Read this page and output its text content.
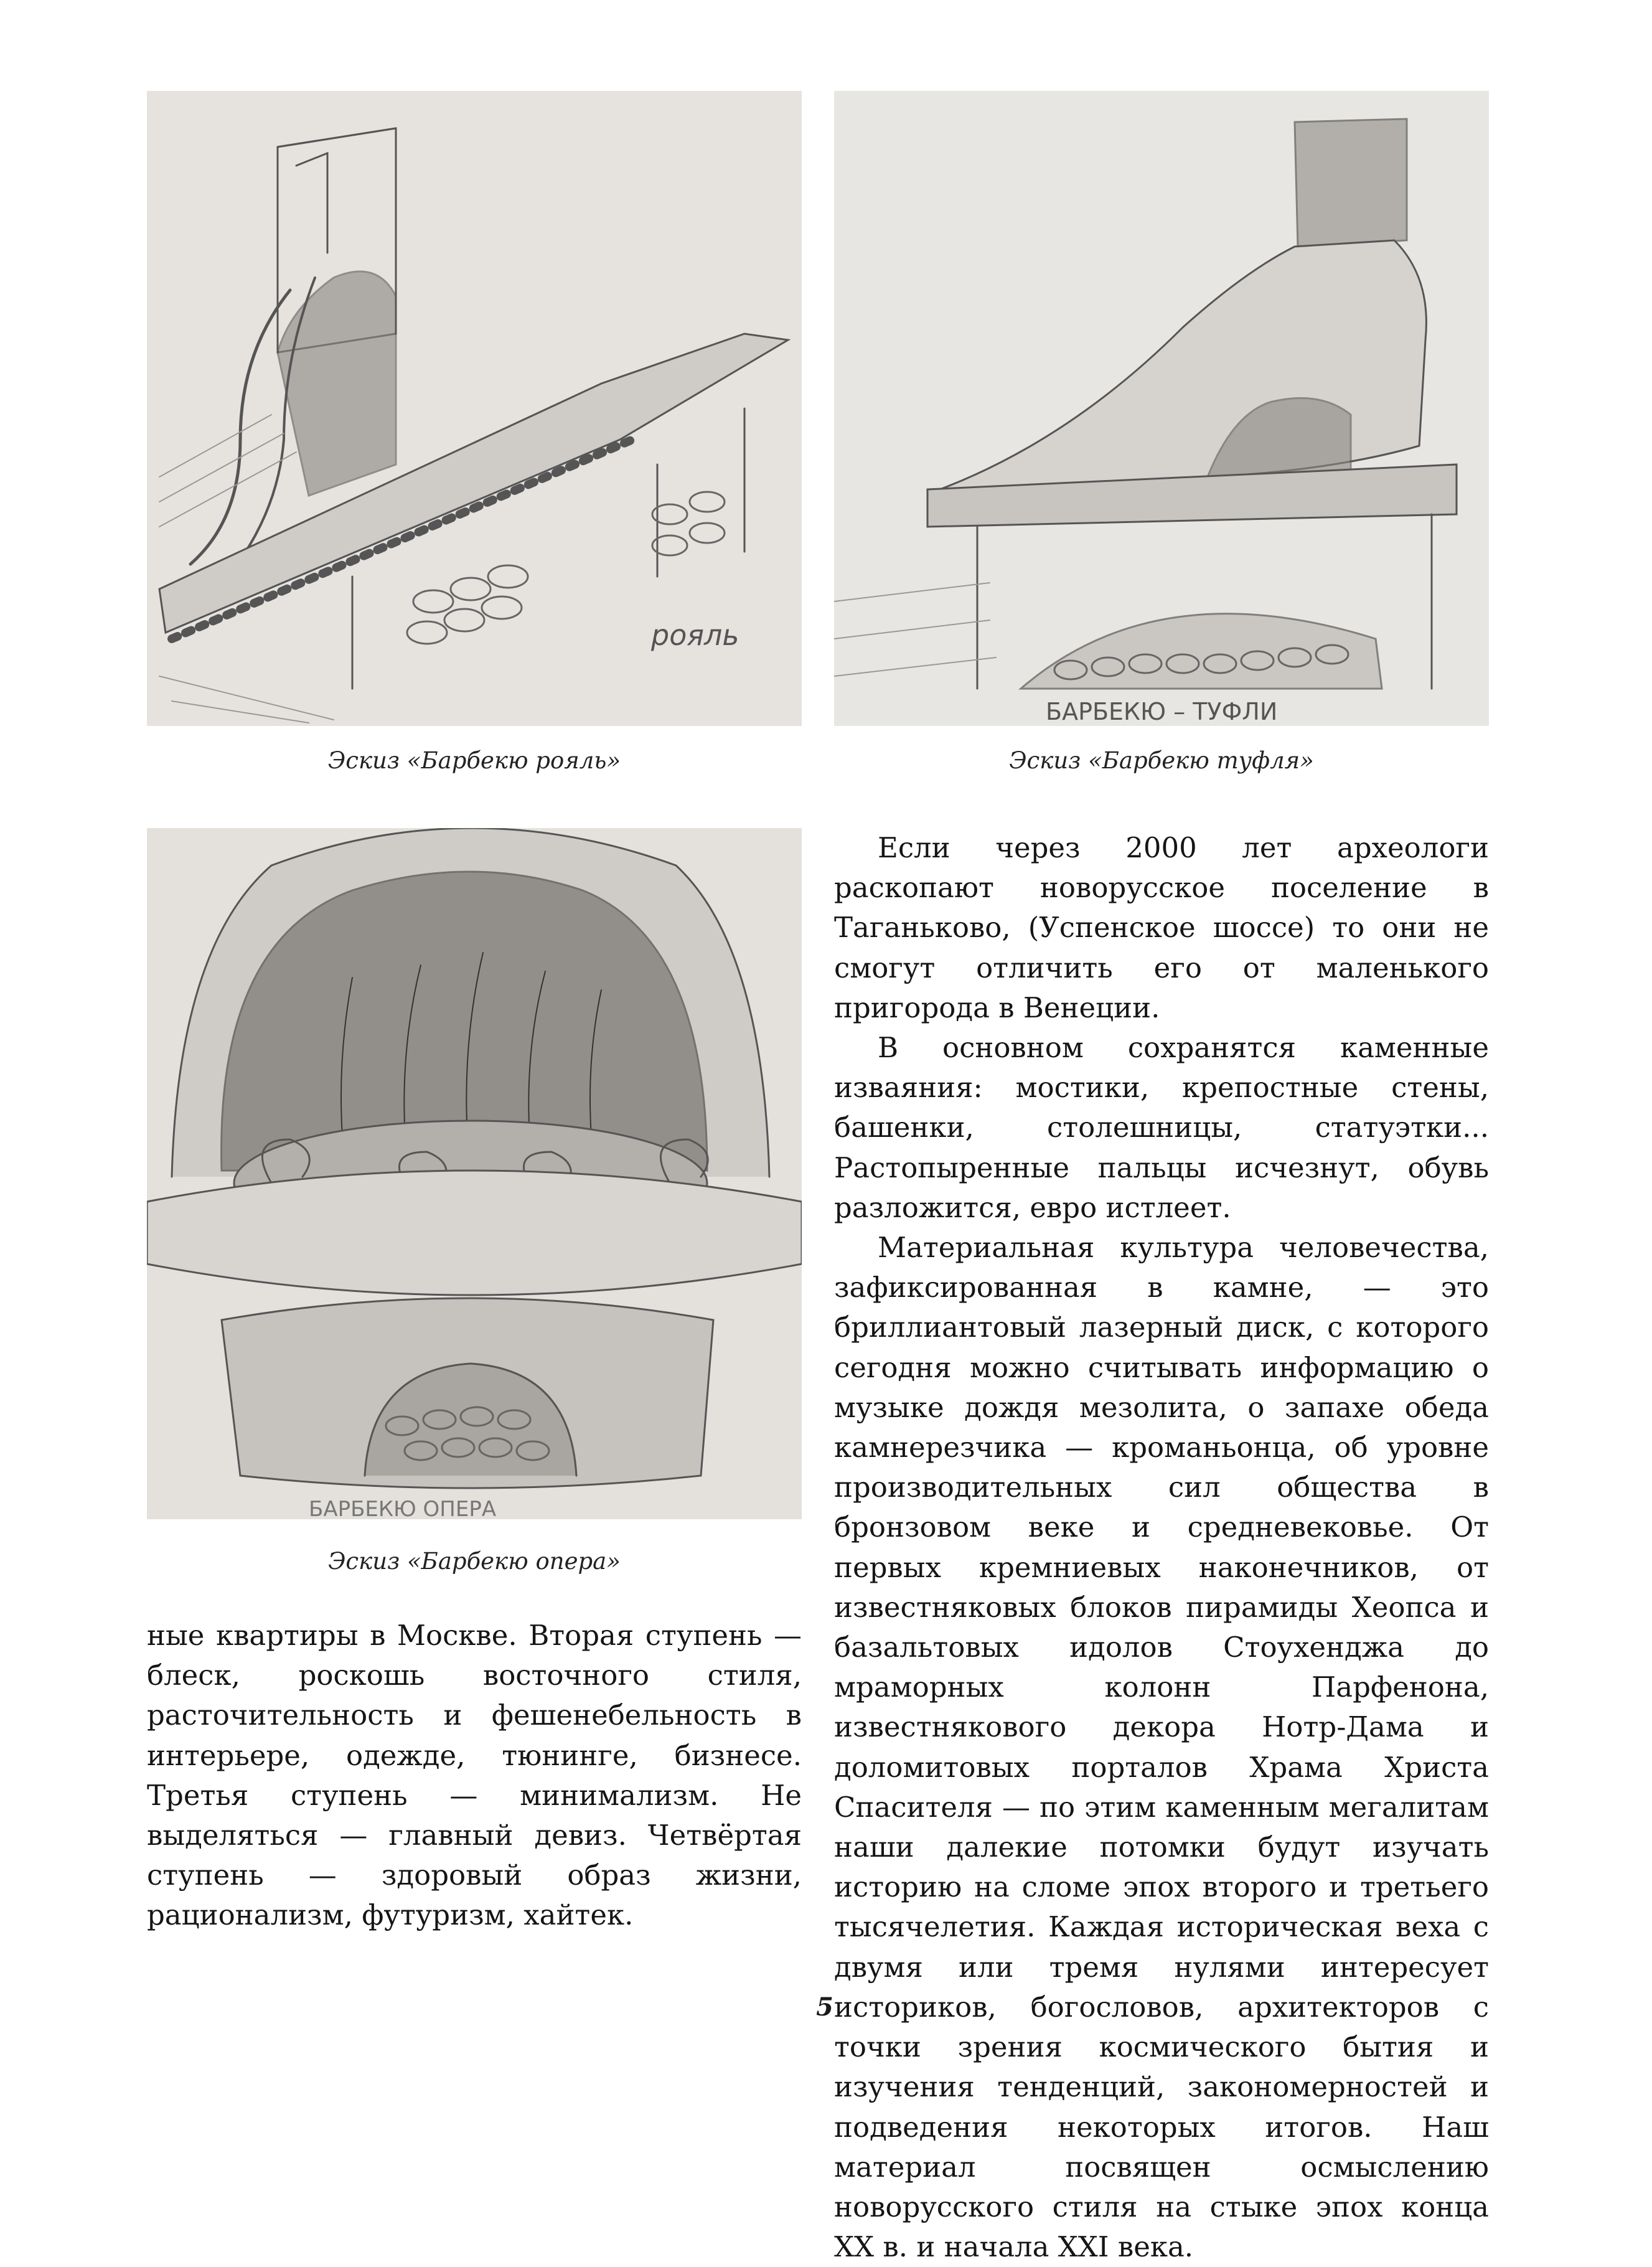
рояль
БАРБЕКЮ – ТУФЛИ
Эскиз «Барбекю рояль»	Эскиз «Барбекю туфля»
БАРБЕКЮ ОПЕРА
Эскиз «Барбекю опера»

ные квартиры в Москве. Вторая ступень — блеск, роскошь восточного стиля, расточительность и фешенебельность в интерьере, одежде, тюнинге, бизнесе. Третья ступень — минимализм. Не выделяться — главный девиз. Четвёртая ступень — здоровый образ жизни, рационализм, футуризм, хайтек.

Если через 2000 лет археологи раскопают новорусское поселение в Таганьково, (Успенское шоссе) то они не смогут отличить его от маленького пригорода в Венеции.

В основном сохранятся каменные изваяния: мостики, крепостные стены, башенки, столешницы, статуэтки... Растопыренные пальцы исчезнут, обувь разложится, евро истлеет.

Материальная культура человечества, зафиксированная в камне, — это бриллиантовый лазерный диск, с которого сегодня можно считывать информацию о музыке дождя мезолита, о запахе обеда камнерезчика — кроманьонца, об уровне производительных сил общества в бронзовом веке и средневековье. От первых кремниевых наконечников, от известняковых блоков пирамиды Хеопса и базальтовых идолов Стоухенджа до мраморных колонн Парфенона, известнякового декора Нотр-Дама и доломитовых порталов Храма Христа Спасителя — по этим каменным мегалитам наши далекие потомки будут изучать историю на сломе эпох второго и третьего тысячелетия. Каждая историческая веха с двумя или тремя нулями интересует историков, богословов, архитекторов с точки зрения космического бытия и изучения тенденций, закономерностей и подведения некоторых итогов. Наш материал посвящен осмыслению новорусского стиля на стыке эпох конца XX в. и начала XXI века.

5
